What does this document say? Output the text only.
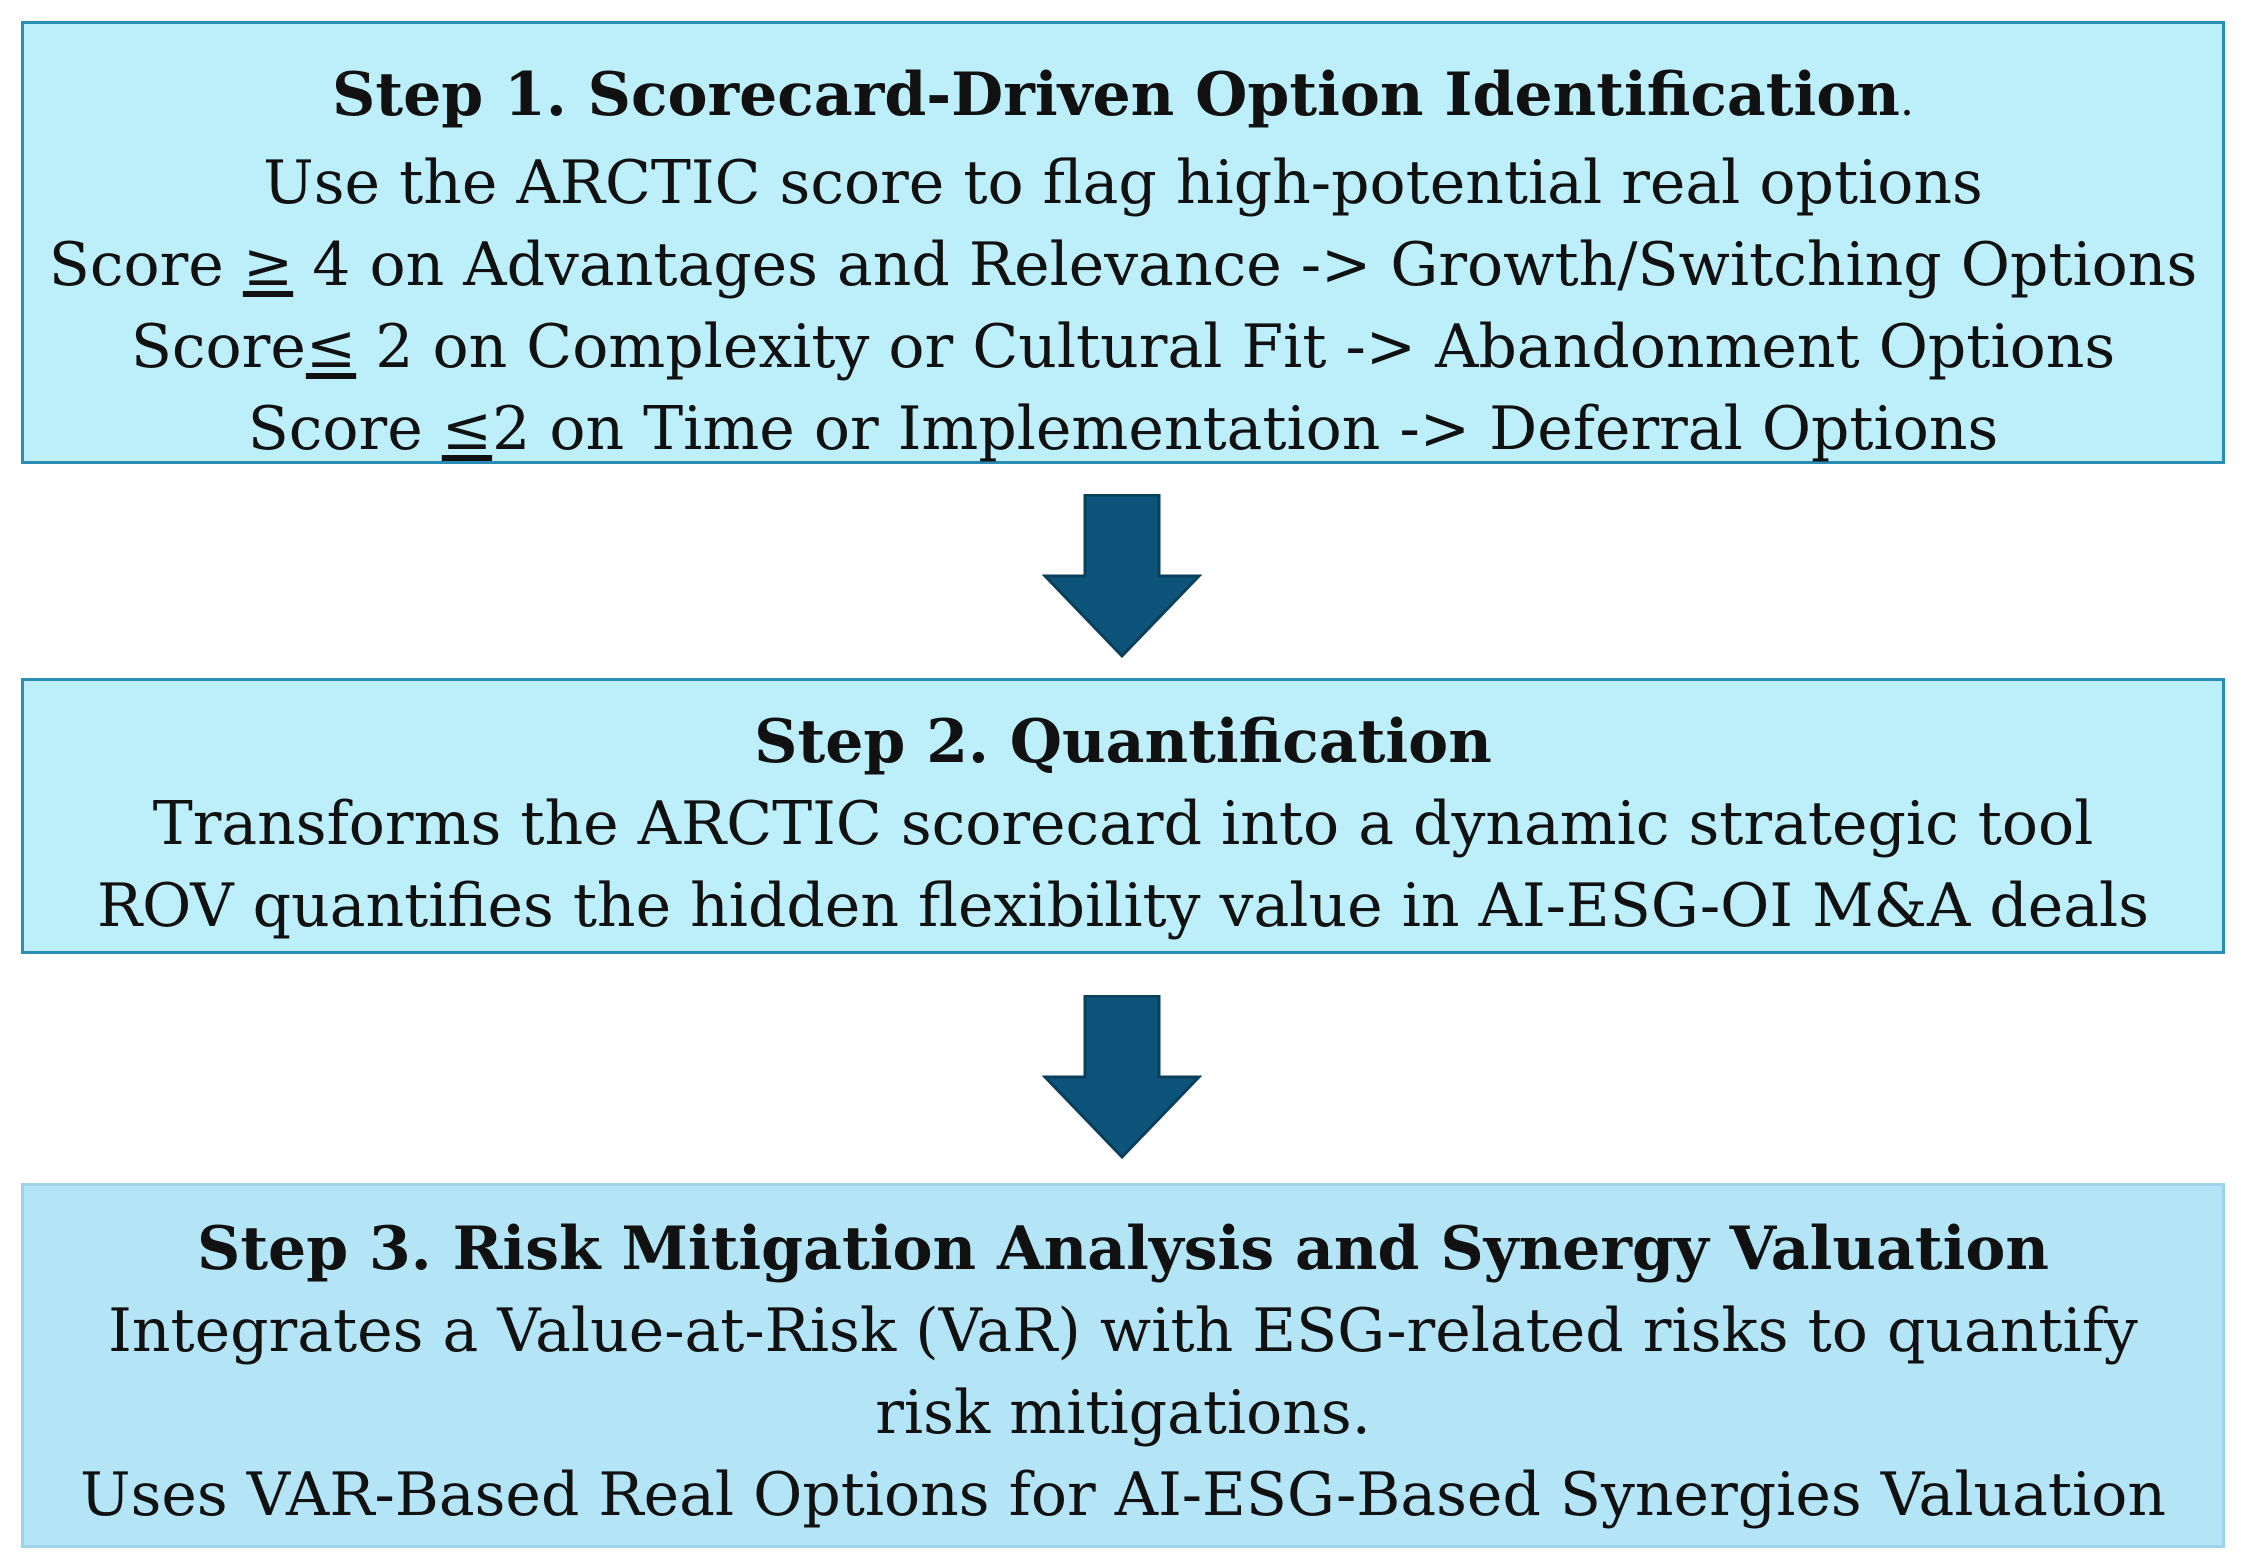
Step 1. Scorecard-Driven Option Identification.
Use the ARCTIC score to flag high-potential real options
Score ≥ 4 on Advantages and Relevance -> Growth/Switching Options
Score≤ 2 on Complexity or Cultural Fit -> Abandonment Options
Score ≤2 on Time or Implementation -> Deferral Options
Step 2. Quantification
Transforms the ARCTIC scorecard into a dynamic strategic tool
ROV quantifies the hidden flexibility value in AI-ESG-OI M&A deals
Step 3. Risk Mitigation Analysis and Synergy Valuation
Integrates a Value-at-Risk (VaR) with ESG-related risks to quantify
risk mitigations.
Uses VAR-Based Real Options for AI-ESG-Based Synergies Valuation
